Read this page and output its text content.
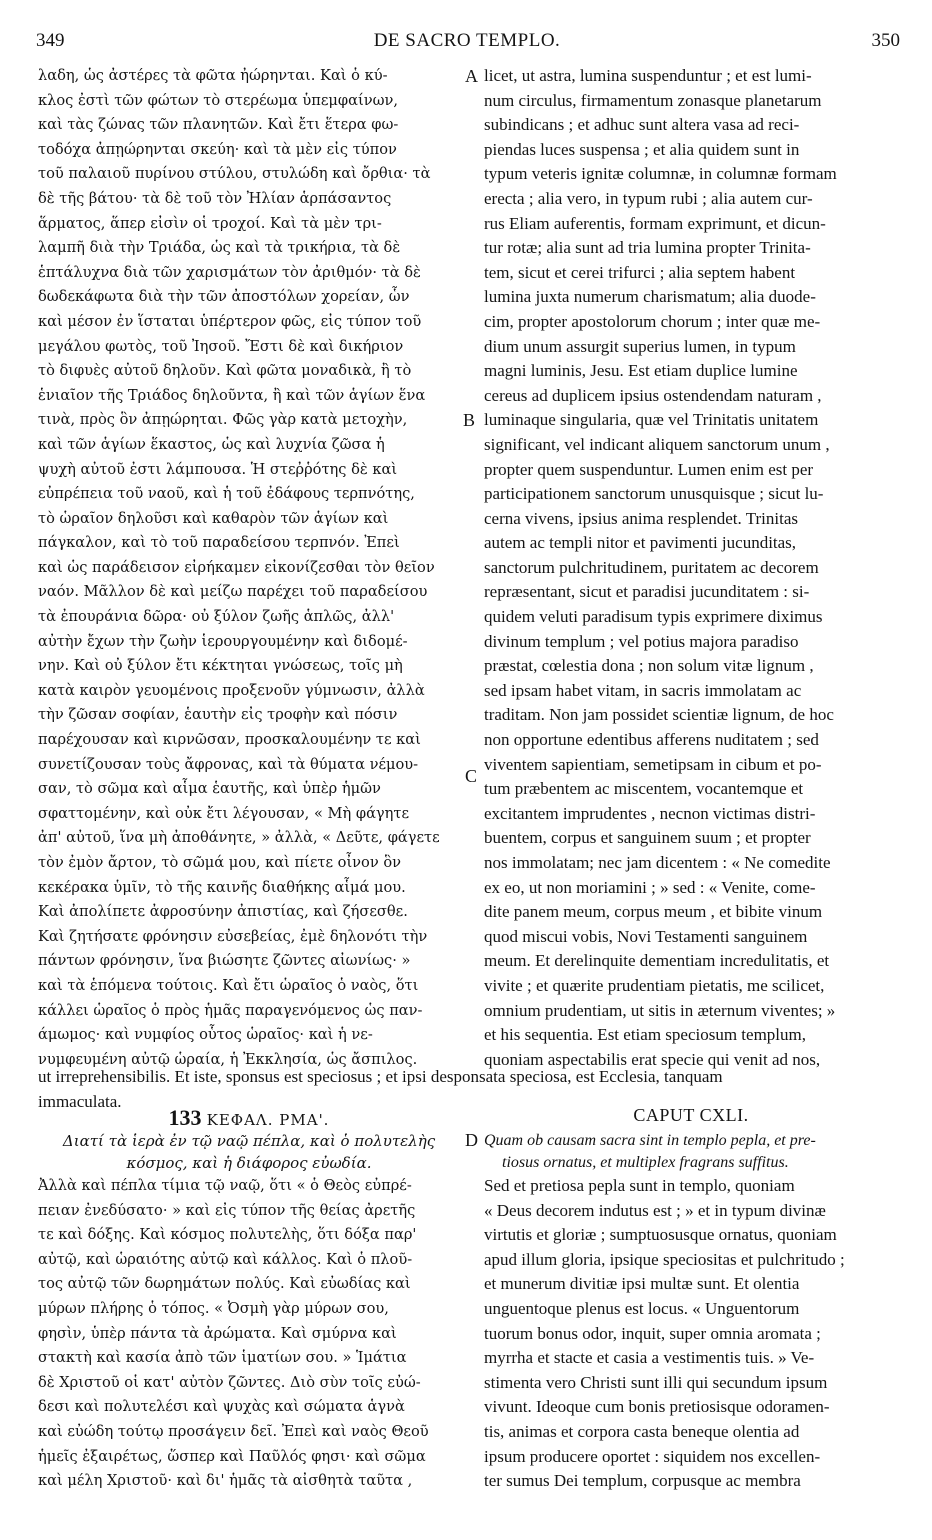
349	DE SACRO TEMPLO.	350
A
B
C
D
λαδη, ὡς ἀστέρες τὰ φῶτα ἠώρηνται. Καὶ ὁ κύ-
κλος ἐστὶ τῶν φώτων τὸ στερέωμα ὑπεμφαίνων,
καὶ τὰς ζώνας τῶν πλανητῶν. Καὶ ἔτι ἕτερα φω-
τοδόχα ἀπῃώρηνται σκεύη· καὶ τὰ μὲν εἰς τύπον
τοῦ παλαιοῦ πυρίνου στύλου, στυλώδη καὶ ὄρθια· τὰ
δὲ τῆς βάτου· τὰ δὲ τοῦ τὸν Ἠλίαν ἁρπάσαντος
ἅρματος, ἅπερ εἰσὶν οἱ τροχοί. Καὶ τὰ μὲν τρι-
λαμπῆ διὰ τὴν Τριάδα, ὡς καὶ τὰ τρικήρια, τὰ δὲ
ἑπτάλυχνα διὰ τῶν χαρισμάτων τὸν ἀριθμόν· τὰ δὲ
δωδεκάφωτα διὰ τὴν τῶν ἀποστόλων χορείαν, ὧν
καὶ μέσον ἐν ἵσταται ὑπέρτερον φῶς, εἰς τύπον τοῦ
μεγάλου φωτὸς, τοῦ Ἰησοῦ. Ἔστι δὲ καὶ δικήριον
τὸ διφυὲς αὐτοῦ δηλοῦν. Καὶ φῶτα μοναδικὰ, ἢ τὸ
ἑνιαῖον τῆς Τριάδος δηλοῦντα, ἢ καὶ τῶν ἁγίων ἕνα
τινὰ, πρὸς ὃν ἀπῃώρηται. Φῶς γὰρ κατὰ μετοχὴν,
καὶ τῶν ἁγίων ἕκαστος, ὡς καὶ λυχνία ζῶσα ἡ
ψυχὴ αὐτοῦ ἐστι λάμπουσα. Ἡ στεῤῥότης δὲ καὶ
εὐπρέπεια τοῦ ναοῦ, καὶ ἡ τοῦ ἐδάφους τερπνότης,
τὸ ὡραῖον δηλοῦσι καὶ καθαρὸν τῶν ἁγίων καὶ
πάγκαλον, καὶ τὸ τοῦ παραδείσου τερπνόν. Ἐπεὶ
καὶ ὡς παράδεισον εἰρήκαμεν εἰκονίζεσθαι τὸν θεῖον
ναόν. Μᾶλλον δὲ καὶ μείζω παρέχει τοῦ παραδείσου
τὰ ἐπουράνια δῶρα· οὐ ξύλον ζωῆς ἁπλῶς, ἀλλ'
αὐτὴν ἔχων τὴν ζωὴν ἱερουργουμένην καὶ διδομέ-
νην. Καὶ οὐ ξύλον ἔτι κέκτηται γνώσεως, τοῖς μὴ
κατὰ καιρὸν γευομένοις προξενοῦν γύμνωσιν, ἀλλὰ
τὴν ζῶσαν σοφίαν, ἑαυτὴν εἰς τροφὴν καὶ πόσιν
παρέχουσαν καὶ κιρνῶσαν, προσκαλουμένην τε καὶ
συνετίζουσαν τοὺς ἄφρονας, καὶ τὰ θύματα νέμου-
σαν, τὸ σῶμα καὶ αἷμα ἑαυτῆς, καὶ ὑπὲρ ἡμῶν
σφαττομένην, καὶ οὐκ ἔτι λέγουσαν, « Μὴ φάγητε
ἀπ' αὐτοῦ, ἵνα μὴ ἀποθάνητε, » ἀλλὰ, « Δεῦτε, φάγετε
τὸν ἐμὸν ἄρτον, τὸ σῶμά μου, καὶ πίετε οἶνον ὃν
κεκέρακα ὑμῖν, τὸ τῆς καινῆς διαθήκης αἷμά μου.
Καὶ ἀπολίπετε ἀφροσύνην ἀπιστίας, καὶ ζήσεσθε.
Καὶ ζητήσατε φρόνησιν εὐσεβείας, ἐμὲ δηλονότι τὴν
πάντων φρόνησιν, ἵνα βιώσητε ζῶντες αἰωνίως· »
καὶ τὰ ἑπόμενα τούτοις. Καὶ ἔτι ὡραῖος ὁ ναὸς, ὅτι
κάλλει ὡραῖος ὁ πρὸς ἡμᾶς παραγενόμενος ὡς παν-
άμωμος· καὶ νυμφίος οὗτος ὡραῖος· καὶ ἡ νε-
νυμφευμένη αὐτῷ ὡραία, ἡ Ἐκκλησία, ὡς ἄσπιλος.
licet, ut astra, lumina suspenduntur ; et est lumi-
num circulus, firmamentum zonasque planetarum
subindicans ; et adhuc sunt altera vasa ad reci-
piendas luces suspensa ; et alia quidem sunt in
typum veteris ignitæ columnæ, in columnæ formam
erecta ; alia vero, in typum rubi ; alia autem cur-
rus Eliam auferentis, formam exprimunt, et dicun-
tur rotæ; alia sunt ad tria lumina propter Trinita-
tem, sicut et cerei trifurci ; alia septem habent
lumina juxta numerum charismatum; alia duode-
cim, propter apostolorum chorum ; inter quæ me-
dium unum assurgit superius lumen, in typum
magni luminis, Jesu. Est etiam duplice lumine
cereus ad duplicem ipsius ostendendam naturam ,
luminaque singularia, quæ vel Trinitatis unitatem
significant, vel indicant aliquem sanctorum unum ,
propter quem suspenduntur. Lumen enim est per
participationem sanctorum unusquisque ; sicut lu-
cerna vivens, ipsius anima resplendet. Trinitas
autem ac templi nitor et pavimenti jucunditas,
sanctorum pulchritudinem, puritatem ac decorem
repræsentant, sicut et paradisi jucunditatem : si-
quidem veluti paradisum typis exprimere diximus
divinum templum ; vel potius majora paradiso
præstat, cœlestia dona ; non solum vitæ lignum ,
sed ipsam habet vitam, in sacris immolatam ac
traditam. Non jam possidet scientiæ lignum, de hoc
non opportune edentibus afferens nuditatem ; sed
viventem sapientiam, semetipsam in cibum et po-
tum præbentem ac miscentem, vocantemque et
excitantem imprudentes , necnon victimas distri-
buentem, corpus et sanguinem suum ; et propter
nos immolatam; nec jam dicentem : « Ne comedite
ex eo, ut non moriamini ; » sed : « Venite, come-
dite panem meum, corpus meum , et bibite vinum
quod miscui vobis, Novi Testamenti sanguinem
meum. Et derelinquite dementiam incredulitatis, et
vivite ; et quærite prudentiam pietatis, me scilicet,
omnium prudentiam, ut sitis in æternum viventes; »
et his sequentia. Est etiam speciosum templum,
quoniam aspectabilis erat specie qui venit ad nos,
ut irreprehensibilis. Et iste, sponsus est speciosus ; et ipsi desponsata speciosa, est Ecclesia, tanquam
immaculata.
133 ΚΕΦΑΛ. ΡΜΑ'.	CAPUT CXLI.
Διατί τὰ ἱερὰ ἐν τῷ ναῷ πέπλα, καὶ ὁ πολυτελὴς
κόσμος, καὶ ἡ διάφορος εὐωδία.
Quam ob causam sacra sint in templo pepla, et pre-
tiosus ornatus, et multiplex fragrans suffitus.
Ἀλλὰ καὶ πέπλα τίμια τῷ ναῷ, ὅτι « ὁ Θεὸς εὐπρέ-
πειαν ἐνεδύσατο· » καὶ εἰς τύπον τῆς θείας ἀρετῆς
τε καὶ δόξης. Καὶ κόσμος πολυτελὴς, ὅτι δόξα παρ'
αὐτῷ, καὶ ὡραιότης αὐτῷ καὶ κάλλος. Καὶ ὁ πλοῦ-
τος αὐτῷ τῶν δωρημάτων πολύς. Καὶ εὐωδίας καὶ
μύρων πλήρης ὁ τόπος. « Ὀσμὴ γὰρ μύρων σου,
φησὶν, ὑπὲρ πάντα τὰ ἀρώματα. Καὶ σμύρνα καὶ
στακτὴ καὶ κασία ἀπὸ τῶν ἱματίων σου. » Ἱμάτια
δὲ Χριστοῦ οἱ κατ' αὐτὸν ζῶντες. Διὸ σὺν τοῖς εὐώ-
δεσι καὶ πολυτελέσι καὶ ψυχὰς καὶ σώματα ἁγνὰ
καὶ εὐώδη τούτῳ προσάγειν δεῖ. Ἐπεὶ καὶ ναὸς Θεοῦ
ἡμεῖς ἐξαιρέτως, ὥσπερ καὶ Παῦλός φησι· καὶ σῶμα
καὶ μέλη Χριστοῦ· καὶ δι' ἡμᾶς τὰ αἰσθητὰ ταῦτα ,
Sed et pretiosa pepla sunt in templo, quoniam
« Deus decorem indutus est ; » et in typum divinæ
virtutis et gloriæ ; sumptuosusque ornatus, quoniam
apud illum gloria, ipsique speciositas et pulchritudo ;
et munerum divitiæ ipsi multæ sunt. Et olentia
unguentoque plenus est locus. « Unguentorum
tuorum bonus odor, inquit, super omnia aromata ;
myrrha et stacte et casia a vestimentis tuis. » Ve-
stimenta vero Christi sunt illi qui secundum ipsum
vivunt. Ideoque cum bonis pretiosisque odoramen-
tis, animas et corpora casta beneque olentia ad
ipsum producere oportet : siquidem nos excellen-
ter sumus Dei templum, corpusque ac membra
